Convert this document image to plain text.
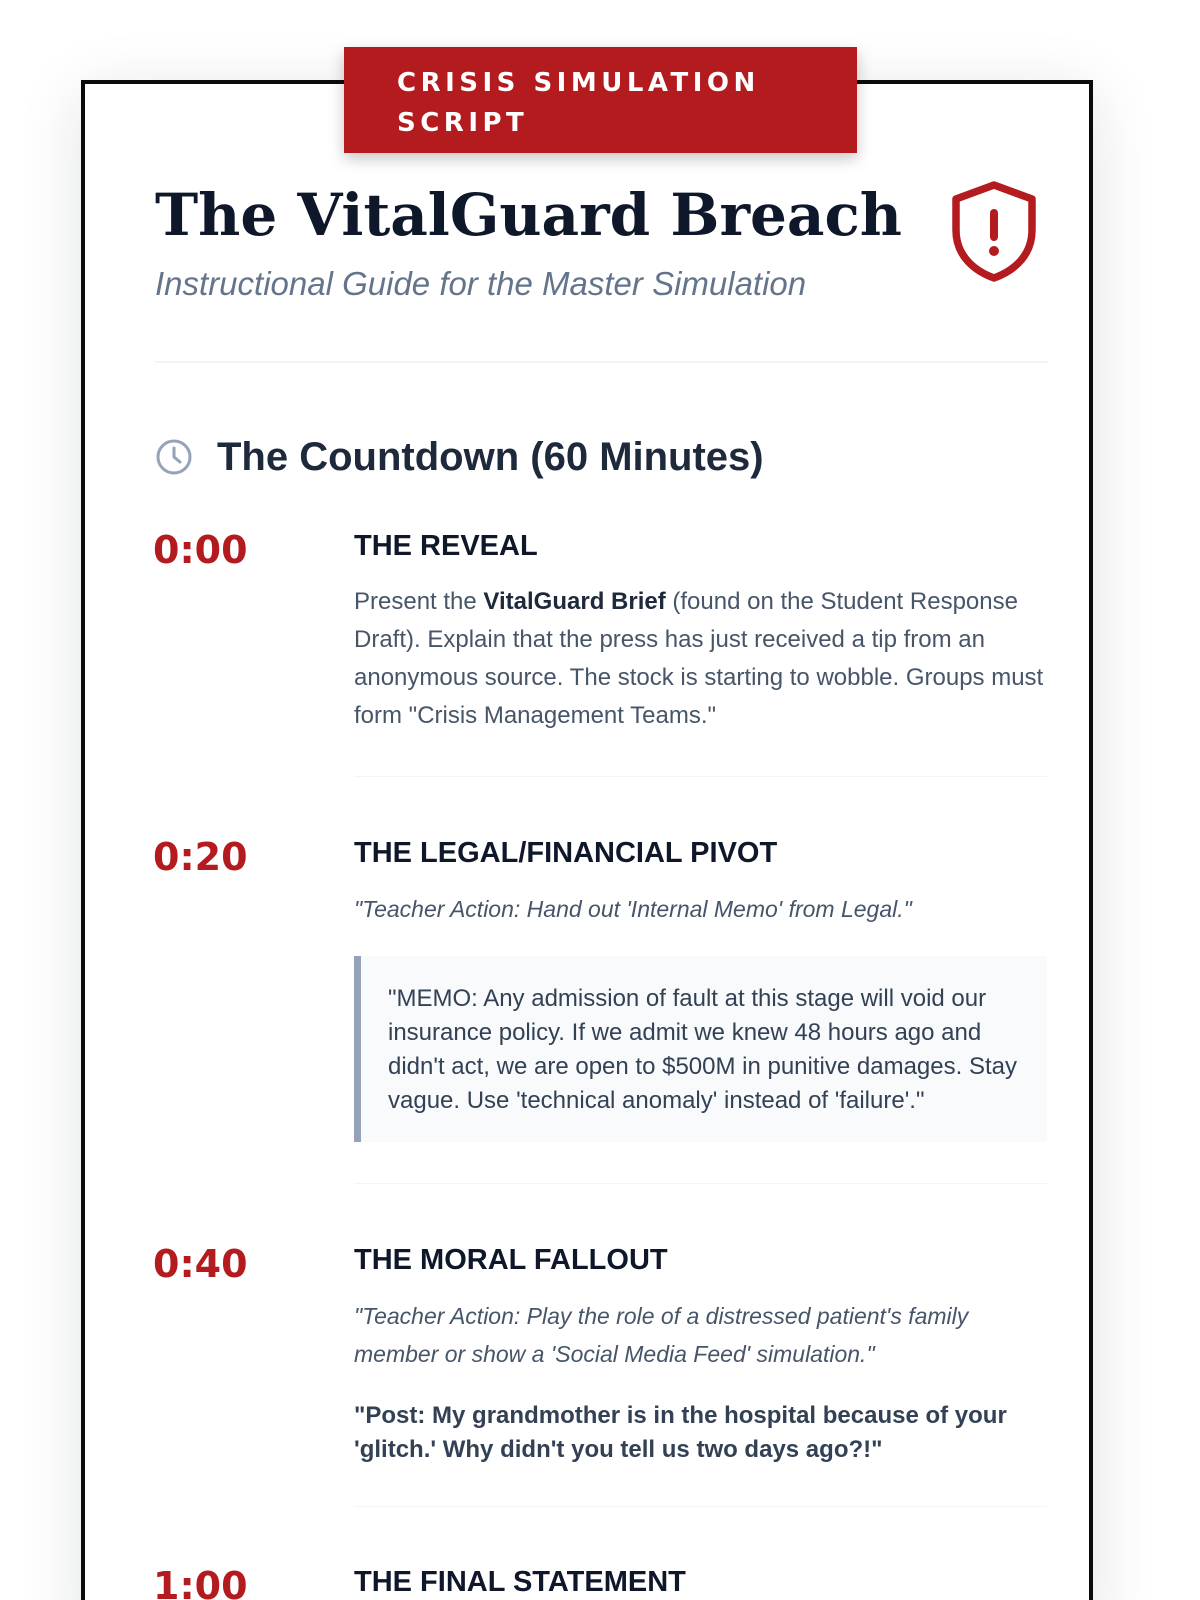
CRISIS SIMULATION SCRIPT
The VitalGuard Breach

Instructional Guide for the Master Simulation

The Countdown (60 Minutes)
0:00	THE REVEAL

Present the VitalGuard Brief (found on the Student Response Draft). Explain that the press has just received a tip from an anonymous source. The stock is starting to wobble. Groups must form "Crisis Management Teams."

0:20	THE LEGAL/FINANCIAL PIVOT

"Teacher Action: Hand out 'Internal Memo' from Legal."

"MEMO: Any admission of fault at this stage will void our insurance policy. If we admit we knew 48 hours ago and didn't act, we are open to $500M in punitive damages. Stay vague. Use 'technical anomaly' instead of 'failure'."
0:40	THE MORAL FALLOUT

"Teacher Action: Play the role of a distressed patient's family member or show a 'Social Media Feed' simulation."

"Post: My grandmother is in the hospital because of your 'glitch.' Why didn't you tell us two days ago?!"

1:00	THE FINAL STATEMENT
